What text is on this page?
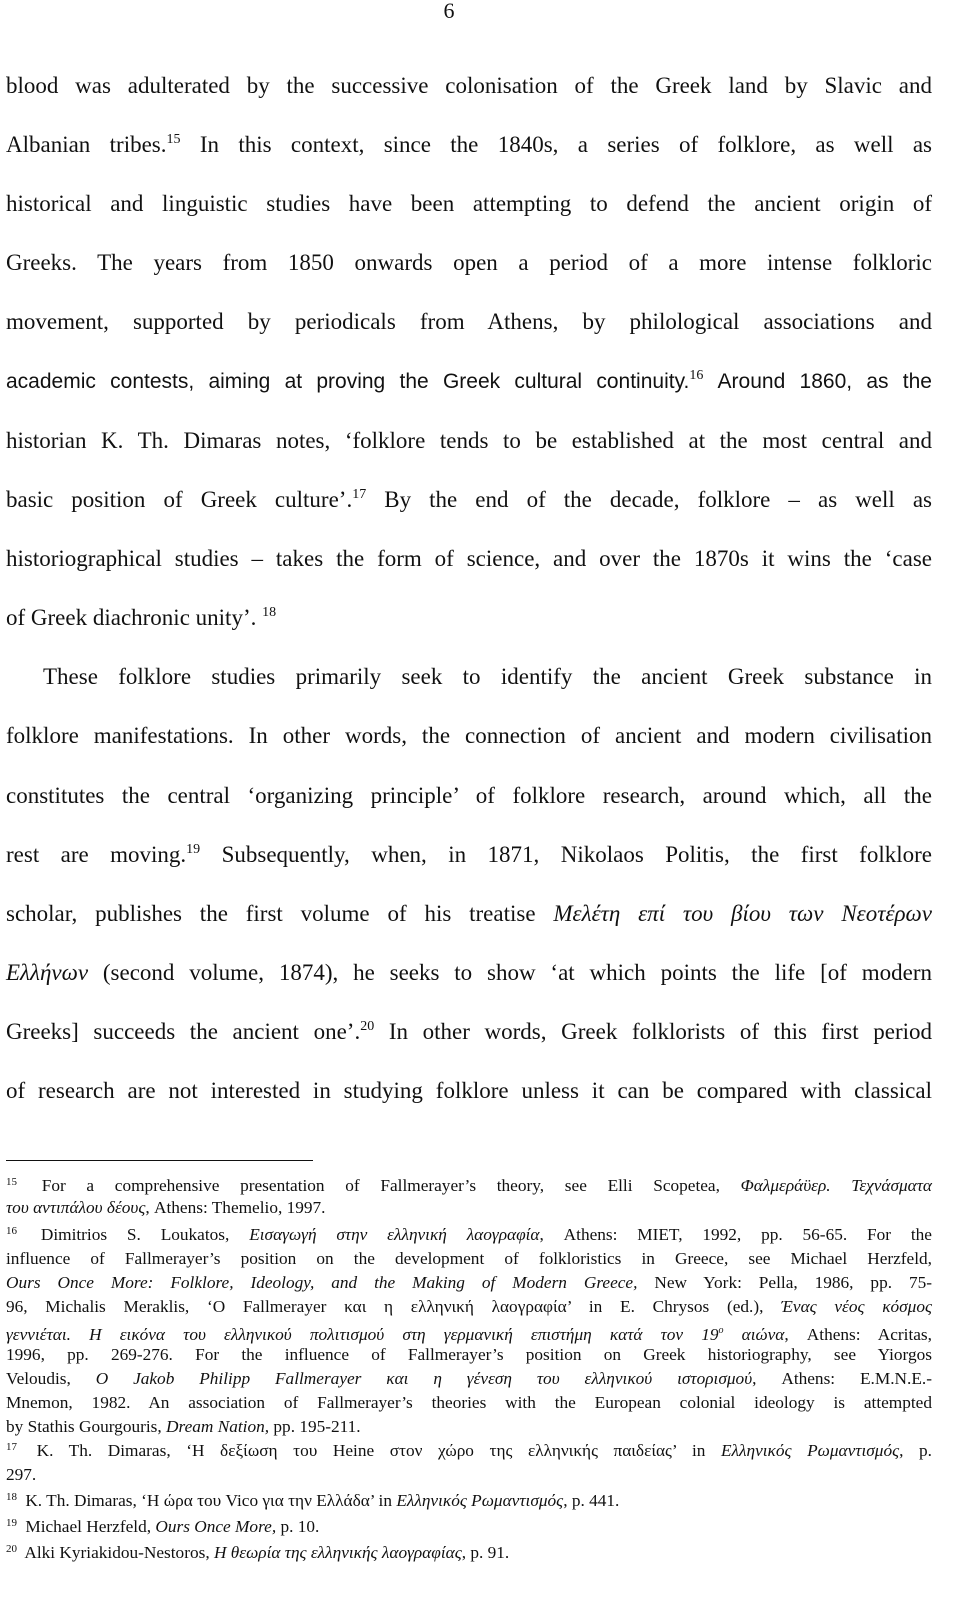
6
blood was adulterated by the successive colonisation of the Greek land by Slavic and
Albanian tribes.$^{15}$ In this context, since the 1840s, a series of folklore, as well as
historical and linguistic studies have been attempting to defend the ancient origin of
Greeks. The years from 1850 onwards open a period of a more intense folkloric
movement, supported by periodicals from Athens, by philological associations and
academic contests, aiming at proving the Greek cultural continuity.$^{16}$ Around 1860, as the
historian K. Th. Dimaras notes, ‘folklore tends to be established at the most central and
basic position of Greek culture’.$^{17}$ By the end of the decade, folklore – as well as
historiographical studies – takes the form of science, and over the 1870s it wins the ‘case
of Greek diachronic unity’. $^{18}$
These folklore studies primarily seek to identify the ancient Greek substance in
folklore manifestations. In other words, the connection of ancient and modern civilisation
constitutes the central ‘organizing principle’ of folklore research, around which, all the
rest are moving.$^{19}$ Subsequently, when, in 1871, Nikolaos Politis, the first folklore
scholar, publishes the first volume of his treatise Μελέτη επί του βίου των Νεοτέρων
Ελλήνων (second volume, 1874), he seeks to show ‘at which points the life [of modern
Greeks] succeeds the ancient one’.$^{20}$ In other words, Greek folklorists of this first period
of research are not interested in studying folklore unless it can be compared with classical
$^{15}$ For a comprehensive presentation of Fallmerayer’s theory, see Elli Scopetea, Φαλμεράϋερ. Τεχνάσματα
του αντιπάλου δέους, Athens: Themelio, 1997.
$^{16}$ Dimitrios S. Loukatos, Εισαγωγή στην ελληνική λαογραφία, Athens: MIET, 1992, pp. 56-65. For the
influence of Fallmerayer’s position on the development of folkloristics in Greece, see Michael Herzfeld,
Ours Once More: Folklore, Ideology, and the Making of Modern Greece, New York: Pella, 1986, pp. 75-
96, Michalis Meraklis, ‘Ο Fallmerayer και η ελληνική λαογραφία’ in E. Chrysos (ed.), Ένας νέος κόσμος
γεννιέται. Η εικόνα του ελληνικού πολιτισμού στη γερμανική επιστήμη κατά τον $19^o$ αιώνα, Athens: Acritas,
1996, pp. 269-276. For the influence of Fallmerayer’s position on Greek historiography, see Yiorgos
Veloudis, O Jakob Philipp Fallmerayer και η γένεση του ελληνικού ιστορισμού, Athens: E.M.N.E.-
Mnemon, 1982. An association of Fallmerayer’s theories with the European colonial ideology is attempted
by Stathis Gourgouris, Dream Nation, pp. 195-211.
$^{17}$ K. Th. Dimaras, ‘Η δεξίωση του Heine στον χώρο της ελληνικής παιδείας’ in Ελληνικός Ρωμαντισμός, p.
297.
$^{18}$ K. Th. Dimaras, ‘Η ώρα του Vico για την Ελλάδα’ in Ελληνικός Ρωμαντισμός, p. 441.
$^{19}$ Michael Herzfeld, Ours Once More, p. 10.
$^{20}$ Alki Kyriakidou-Nestoros, Η θεωρία της ελληνικής λαογραφίας, p. 91.
